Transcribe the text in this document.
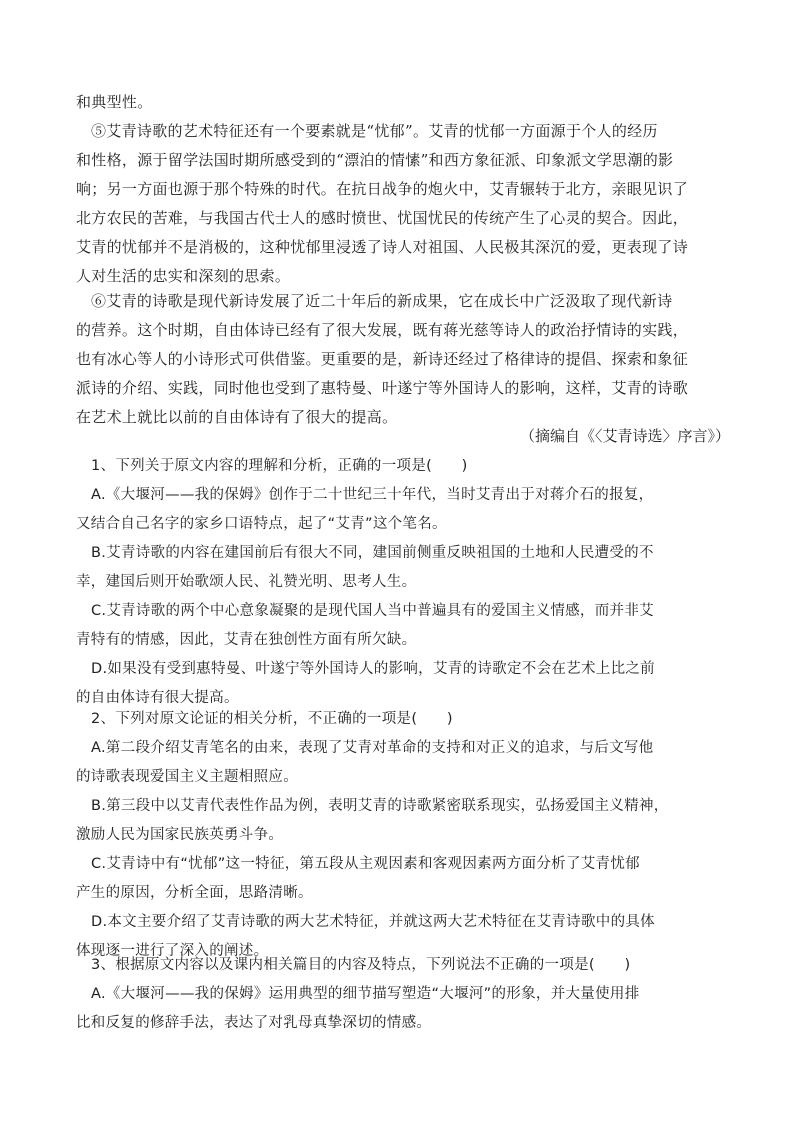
和典型性。
⑤艾青诗歌的艺术特征还有一个要素就是“忧郁”。艾青的忧郁一方面源于个人的经历
和性格，源于留学法国时期所感受到的“漂泊的情愫”和西方象征派、印象派文学思潮的影
响；另一方面也源于那个特殊的时代。在抗日战争的炮火中，艾青辗转于北方，亲眼见识了
北方农民的苦难，与我国古代士人的感时愤世、忧国忧民的传统产生了心灵的契合。因此，
艾青的忧郁并不是消极的，这种忧郁里浸透了诗人对祖国、人民极其深沉的爱，更表现了诗
人对生活的忠实和深刻的思索。
⑥艾青的诗歌是现代新诗发展了近二十年后的新成果，它在成长中广泛汲取了现代新诗
的营养。这个时期，自由体诗已经有了很大发展，既有蒋光慈等诗人的政治抒情诗的实践，
也有冰心等人的小诗形式可供借鉴。更重要的是，新诗还经过了格律诗的提倡、探索和象征
派诗的介绍、实践，同时他也受到了惠特曼、叶遂宁等外国诗人的影响，这样，艾青的诗歌
在艺术上就比以前的自由体诗有了很大的提高。
（摘编自《〈艾青诗选〉序言》）
1、下列关于原文内容的理解和分析，正确的一项是(　　)
A.《大堰河——我的保姆》创作于二十世纪三十年代，当时艾青出于对蒋介石的报复，
又结合自己名字的家乡口语特点，起了“艾青”这个笔名。
B.艾青诗歌的内容在建国前后有很大不同，建国前侧重反映祖国的土地和人民遭受的不
幸，建国后则开始歌颂人民、礼赞光明、思考人生。
C.艾青诗歌的两个中心意象凝聚的是现代国人当中普遍具有的爱国主义情感，而并非艾
青特有的情感，因此，艾青在独创性方面有所欠缺。
D.如果没有受到惠特曼、叶遂宁等外国诗人的影响，艾青的诗歌定不会在艺术上比之前
的自由体诗有很大提高。
2、下列对原文论证的相关分析，不正确的一项是(　　)
A.第二段介绍艾青笔名的由来，表现了艾青对革命的支持和对正义的追求，与后文写他
的诗歌表现爱国主义主题相照应。
B.第三段中以艾青代表性作品为例，表明艾青的诗歌紧密联系现实，弘扬爱国主义精神，
激励人民为国家民族英勇斗争。
C.艾青诗中有“忧郁”这一特征，第五段从主观因素和客观因素两方面分析了艾青忧郁
产生的原因，分析全面，思路清晰。
D.本文主要介绍了艾青诗歌的两大艺术特征，并就这两大艺术特征在艾青诗歌中的具体
体现逐一进行了深入的阐述。
3、根据原文内容以及课内相关篇目的内容及特点，下列说法不正确的一项是(　　)
A.《大堰河——我的保姆》运用典型的细节描写塑造“大堰河”的形象，并大量使用排
比和反复的修辞手法，表达了对乳母真挚深切的情感。
